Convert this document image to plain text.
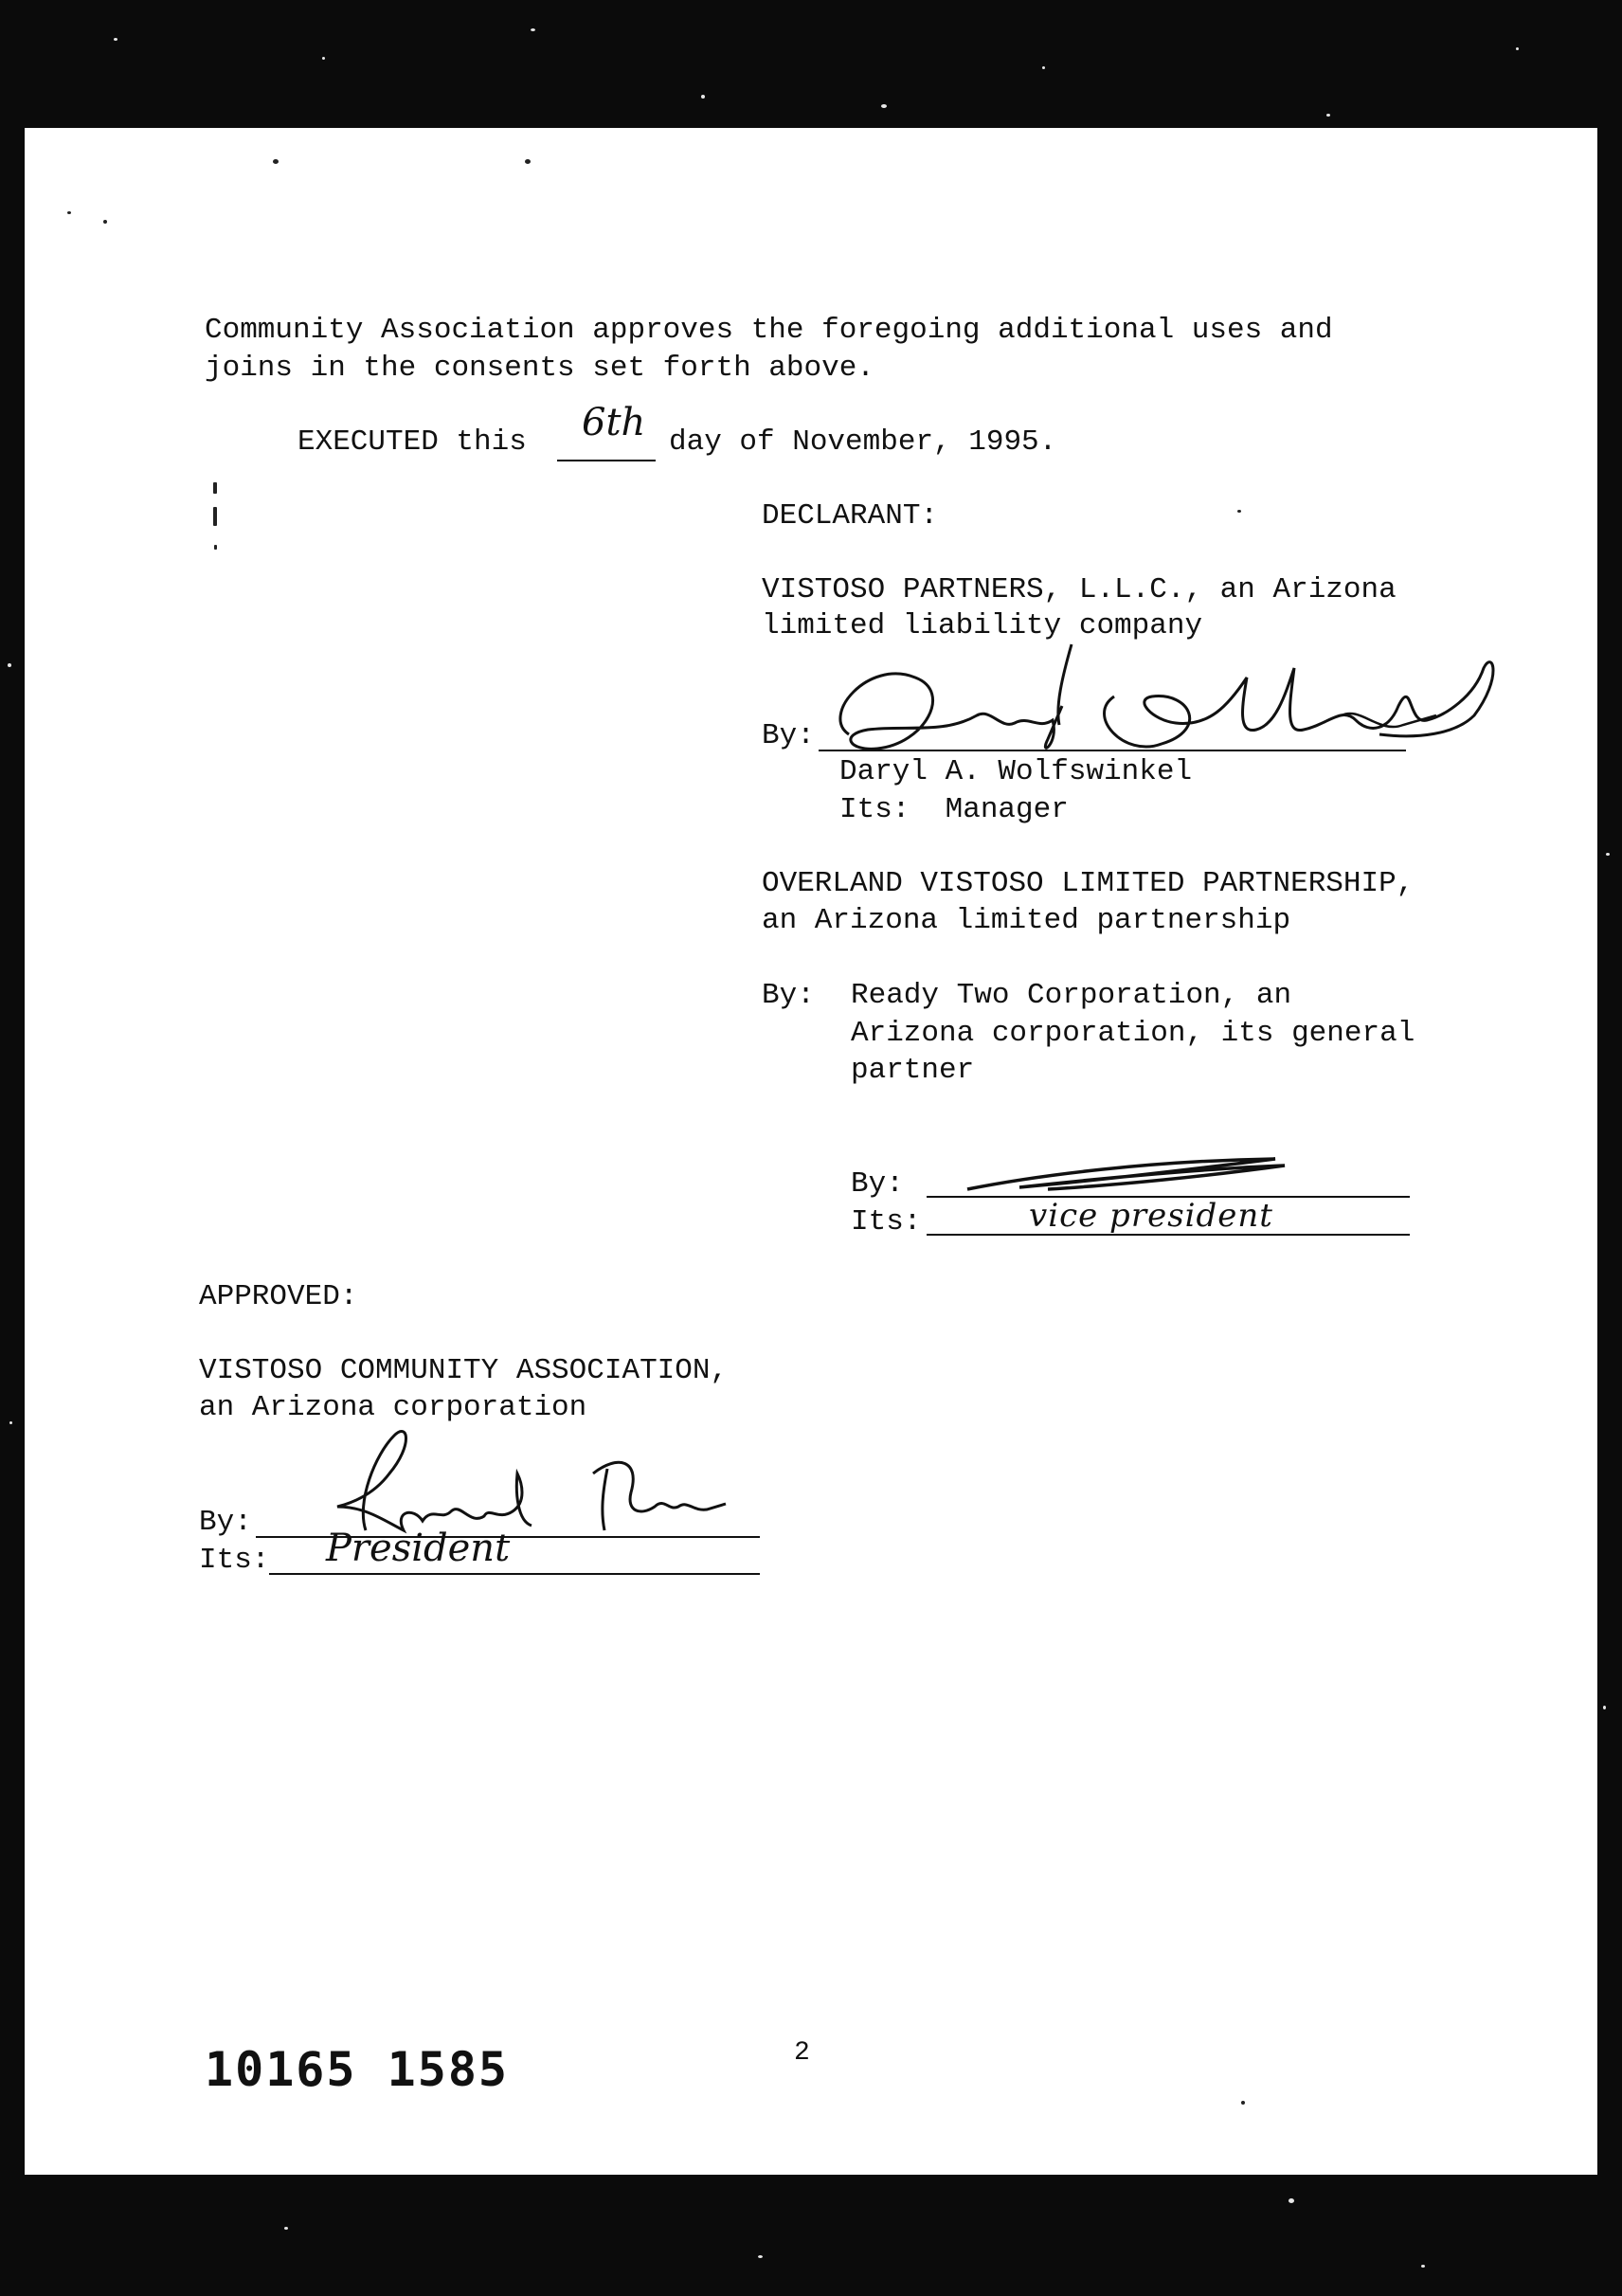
Community Association approves the foregoing additional uses and

joins in the consents set forth above.

EXECUTED this 6th day of November, 1995.

DECLARANT:

VISTOSO PARTNERS, L.L.C., an Arizona

limited liability company

By:

Daryl A. Wolfswinkel

Its:  Manager

OVERLAND VISTOSO LIMITED PARTNERSHIP,

an Arizona limited partnership

By: Ready Two Corporation, an

Arizona corporation, its general

partner

By:

Its:	vice president

APPROVED:

VISTOSO COMMUNITY ASSOCIATION,

an Arizona corporation

By:

Its: President
10165 1585	2
